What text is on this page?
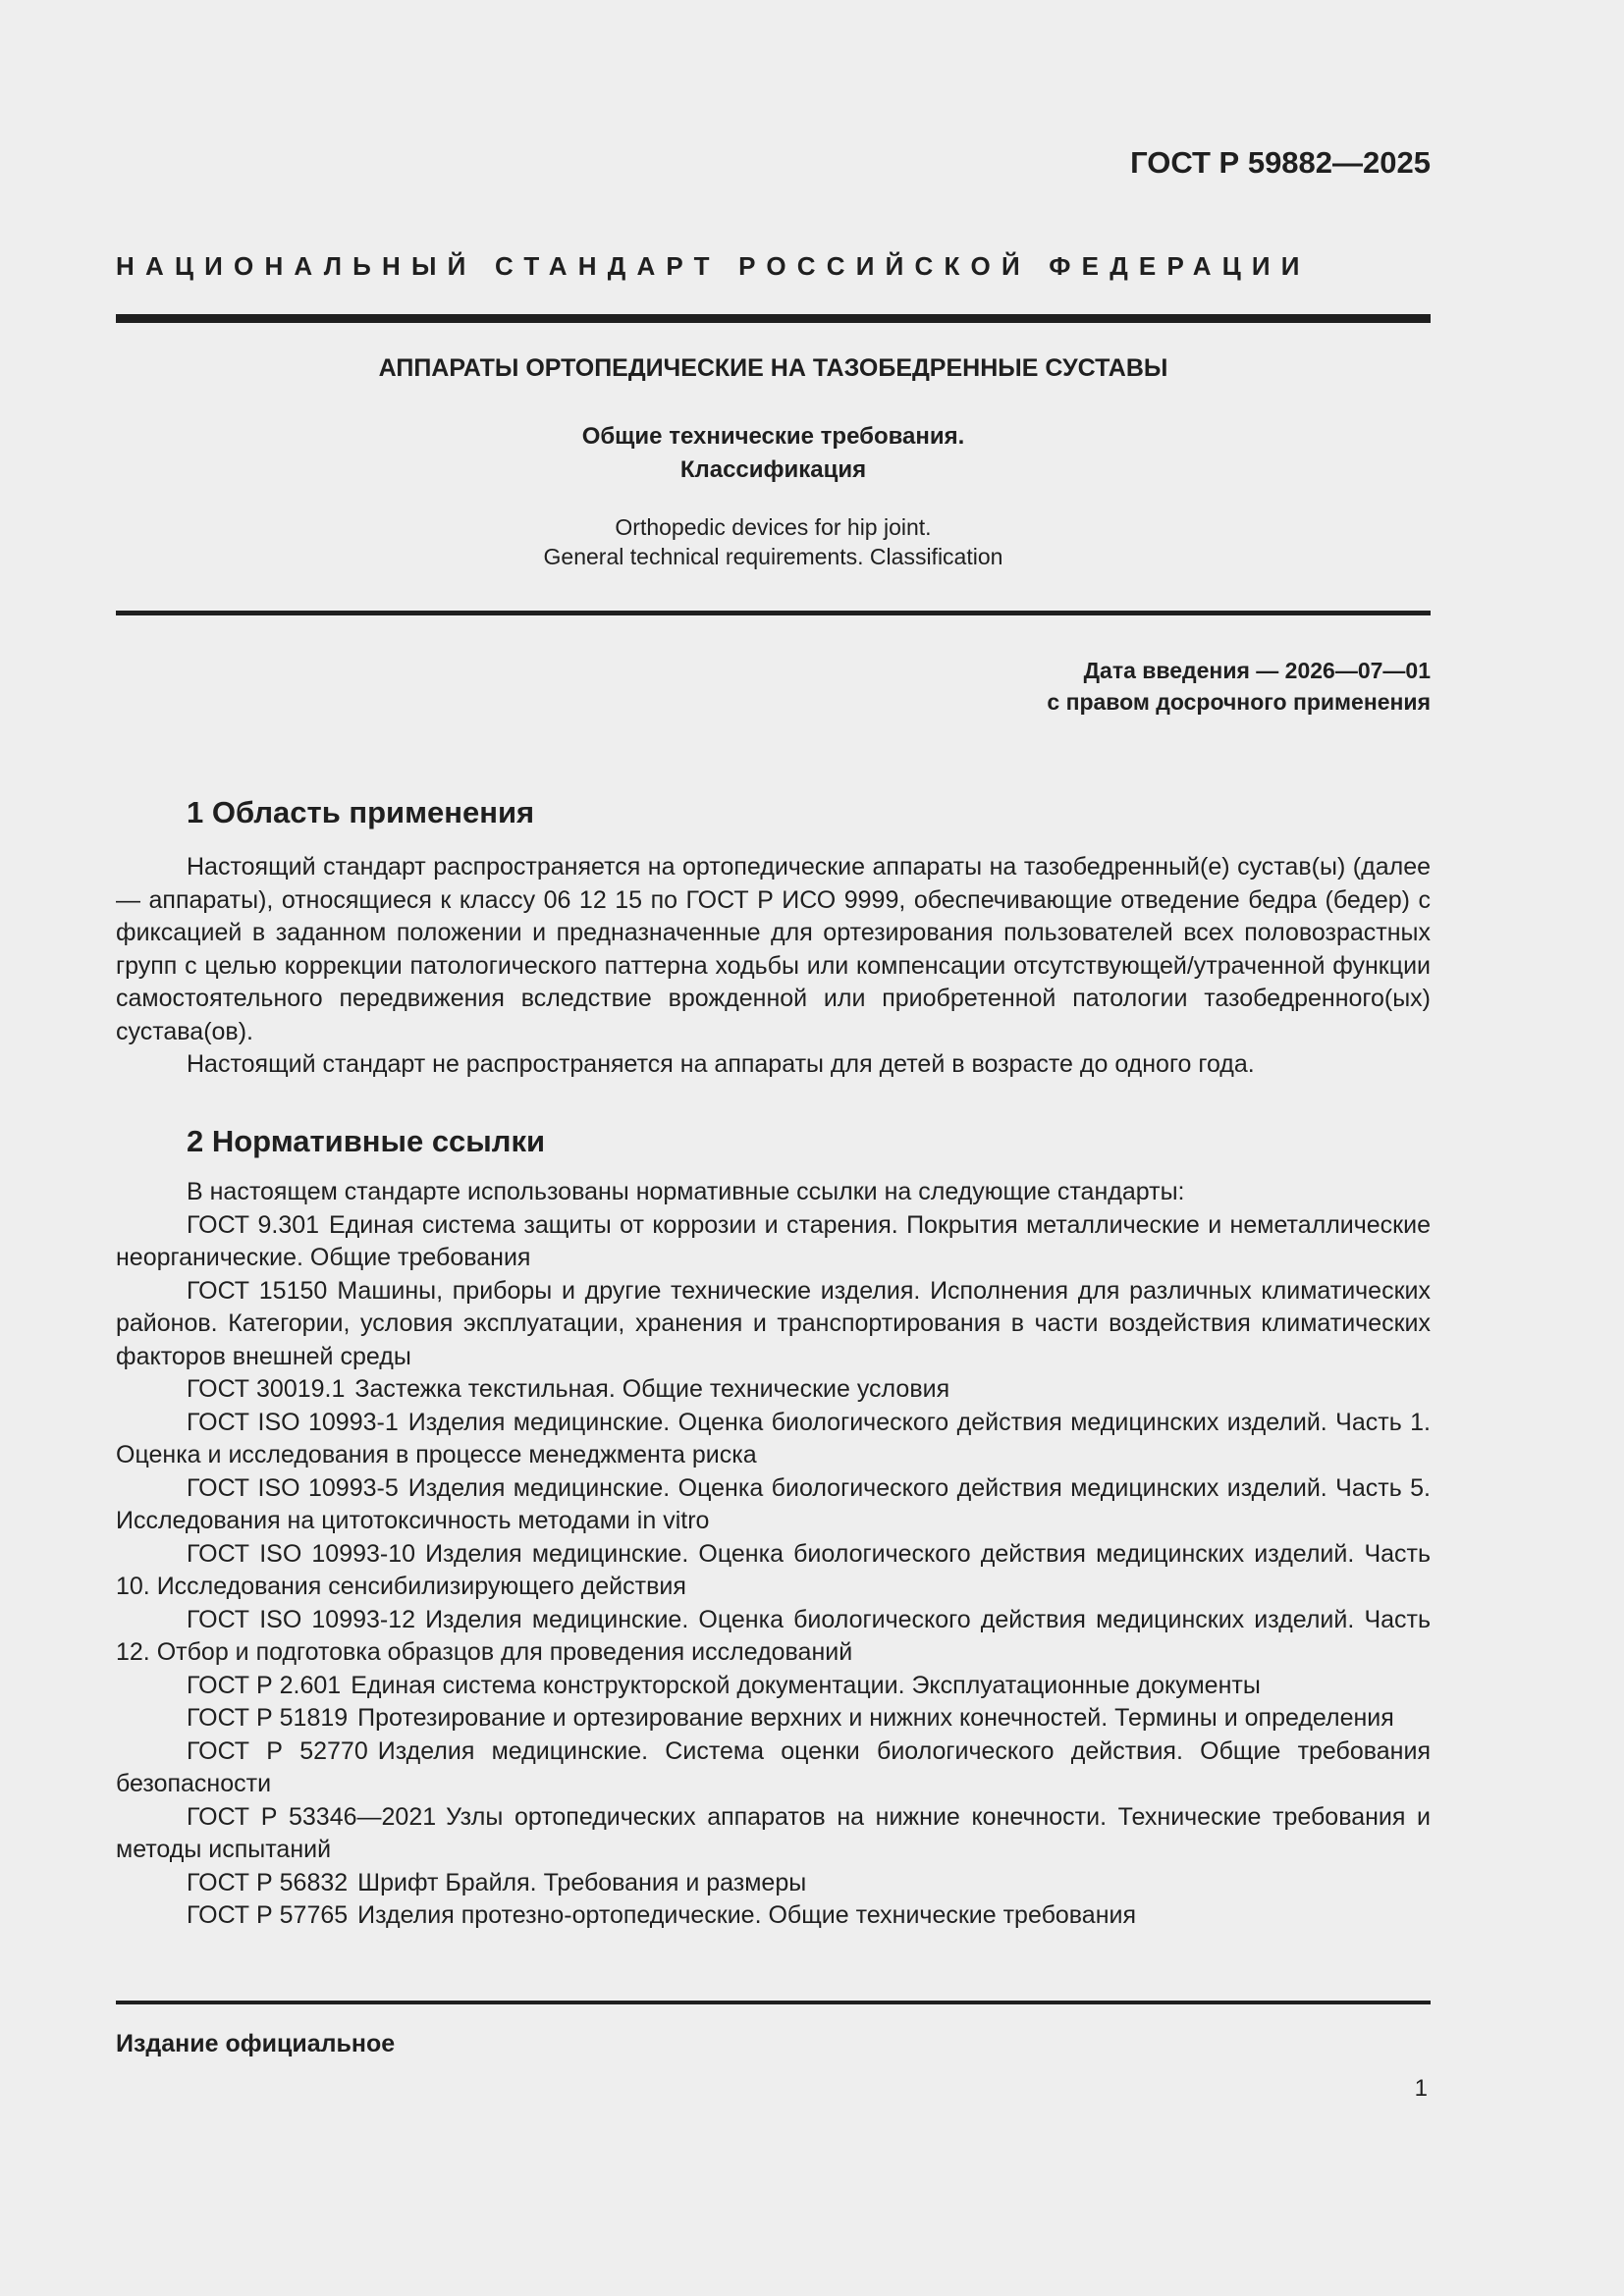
ГОСТ Р 59882—2025
НАЦИОНАЛЬНЫЙ СТАНДАРТ РОССИЙСКОЙ ФЕДЕРАЦИИ
АППАРАТЫ ОРТОПЕДИЧЕСКИЕ НА ТАЗОБЕДРЕННЫЕ СУСТАВЫ
Общие технические требования.
Классификация
Orthopedic devices for hip joint.
General technical requirements. Classification
Дата введения — 2026—07—01
с правом досрочного применения
1 Область применения

Настоящий стандарт распространяется на ортопедические аппараты на тазобедренный(е) сустав(ы) (далее — аппараты), относящиеся к классу 06 12 15 по ГОСТ Р ИСО 9999, обеспечивающие отведение бедра (бедер) с фиксацией в заданном положении и предназначенные для ортезирования пользователей всех половозрастных групп с целью коррекции патологического паттерна ходьбы или компенсации отсутствующей/утраченной функции самостоятельного передвижения вследствие врожденной или приобретенной патологии тазобедренного(ых) сустава(ов).

Настоящий стандарт не распространяется на аппараты для детей в возрасте до одного года.

2 Нормативные ссылки

В настоящем стандарте использованы нормативные ссылки на следующие стандарты:

ГОСТ 9.301 Единая система защиты от коррозии и старения. Покрытия металлические и неметаллические неорганические. Общие требования

ГОСТ 15150 Машины, приборы и другие технические изделия. Исполнения для различных климатических районов. Категории, условия эксплуатации, хранения и транспортирования в части воздействия климатических факторов внешней среды

ГОСТ 30019.1 Застежка текстильная. Общие технические условия

ГОСТ ISO 10993-1 Изделия медицинские. Оценка биологического действия медицинских изделий. Часть 1. Оценка и исследования в процессе менеджмента риска

ГОСТ ISO 10993-5 Изделия медицинские. Оценка биологического действия медицинских изделий. Часть 5. Исследования на цитотоксичность методами in vitro

ГОСТ ISO 10993-10 Изделия медицинские. Оценка биологического действия медицинских изделий. Часть 10. Исследования сенсибилизирующего действия

ГОСТ ISO 10993-12 Изделия медицинские. Оценка биологического действия медицинских изделий. Часть 12. Отбор и подготовка образцов для проведения исследований

ГОСТ Р 2.601 Единая система конструкторской документации. Эксплуатационные документы

ГОСТ Р 51819 Протезирование и ортезирование верхних и нижних конечностей. Термины и определения

ГОСТ Р 52770 Изделия медицинские. Система оценки биологического действия. Общие требования безопасности

ГОСТ Р 53346—2021 Узлы ортопедических аппаратов на нижние конечности. Технические требования и методы испытаний

ГОСТ Р 56832 Шрифт Брайля. Требования и размеры

ГОСТ Р 57765 Изделия протезно-ортопедические. Общие технические требования

Издание официальное
1
